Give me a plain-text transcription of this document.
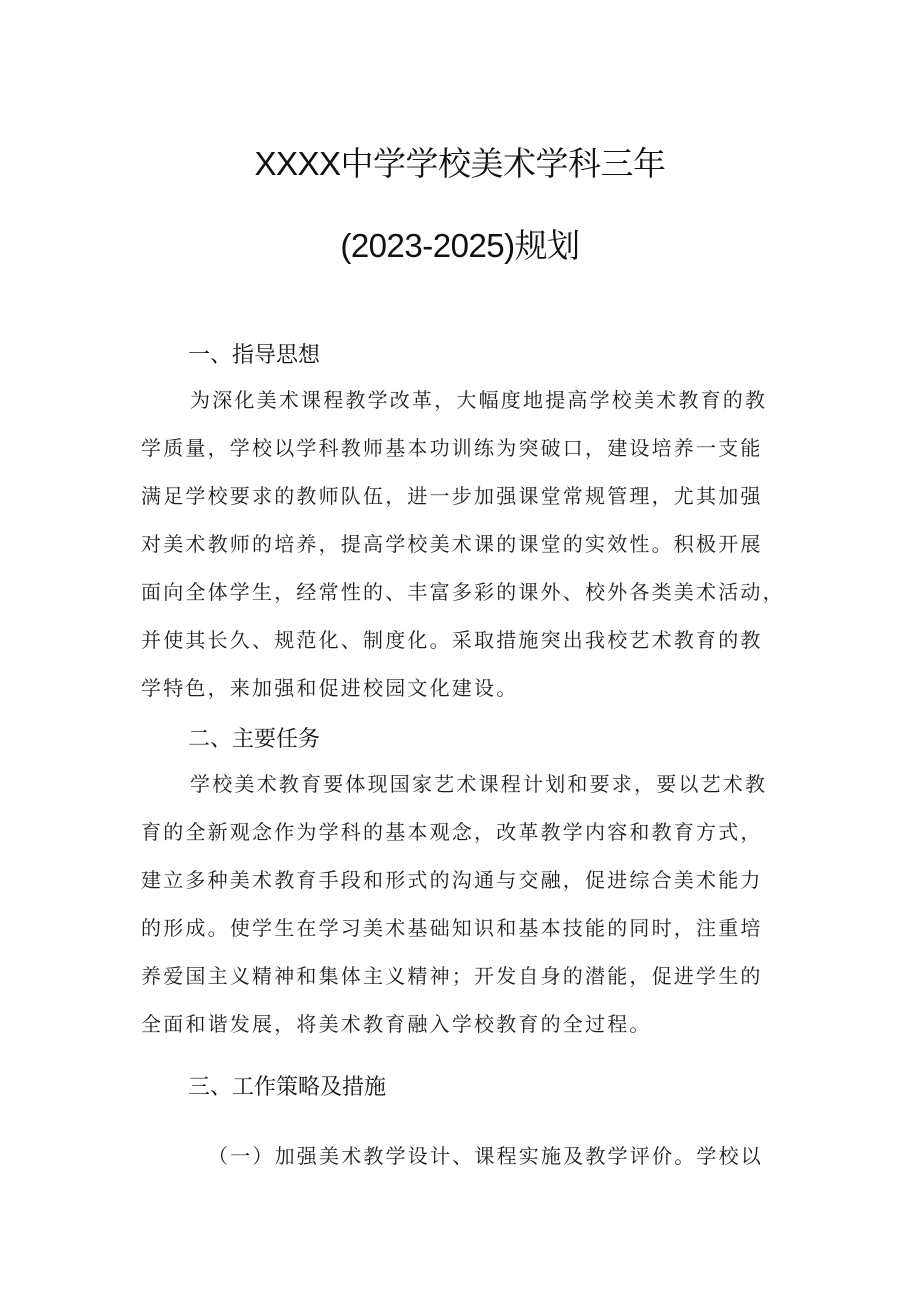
XXXX中学学校美术学科三年
(2023-2025)规划
一、指导思想
为深化美术课程教学改革，大幅度地提高学校美术教育的教
学质量，学校以学科教师基本功训练为突破口，建设培养一支能
满足学校要求的教师队伍，进一步加强课堂常规管理，尤其加强
对美术教师的培养，提高学校美术课的课堂的实效性。积极开展
面向全体学生，经常性的、丰富多彩的课外、校外各类美术活动，
并使其长久、规范化、制度化。采取措施突出我校艺术教育的教
学特色，来加强和促进校园文化建设。
二、主要任务
学校美术教育要体现国家艺术课程计划和要求，要以艺术教
育的全新观念作为学科的基本观念，改革教学内容和教育方式，
建立多种美术教育手段和形式的沟通与交融，促进综合美术能力
的形成。使学生在学习美术基础知识和基本技能的同时，注重培
养爱国主义精神和集体主义精神；开发自身的潜能，促进学生的
全面和谐发展，将美术教育融入学校教育的全过程。
三、工作策略及措施
（一）加强美术教学设计、课程实施及教学评价。学校以
